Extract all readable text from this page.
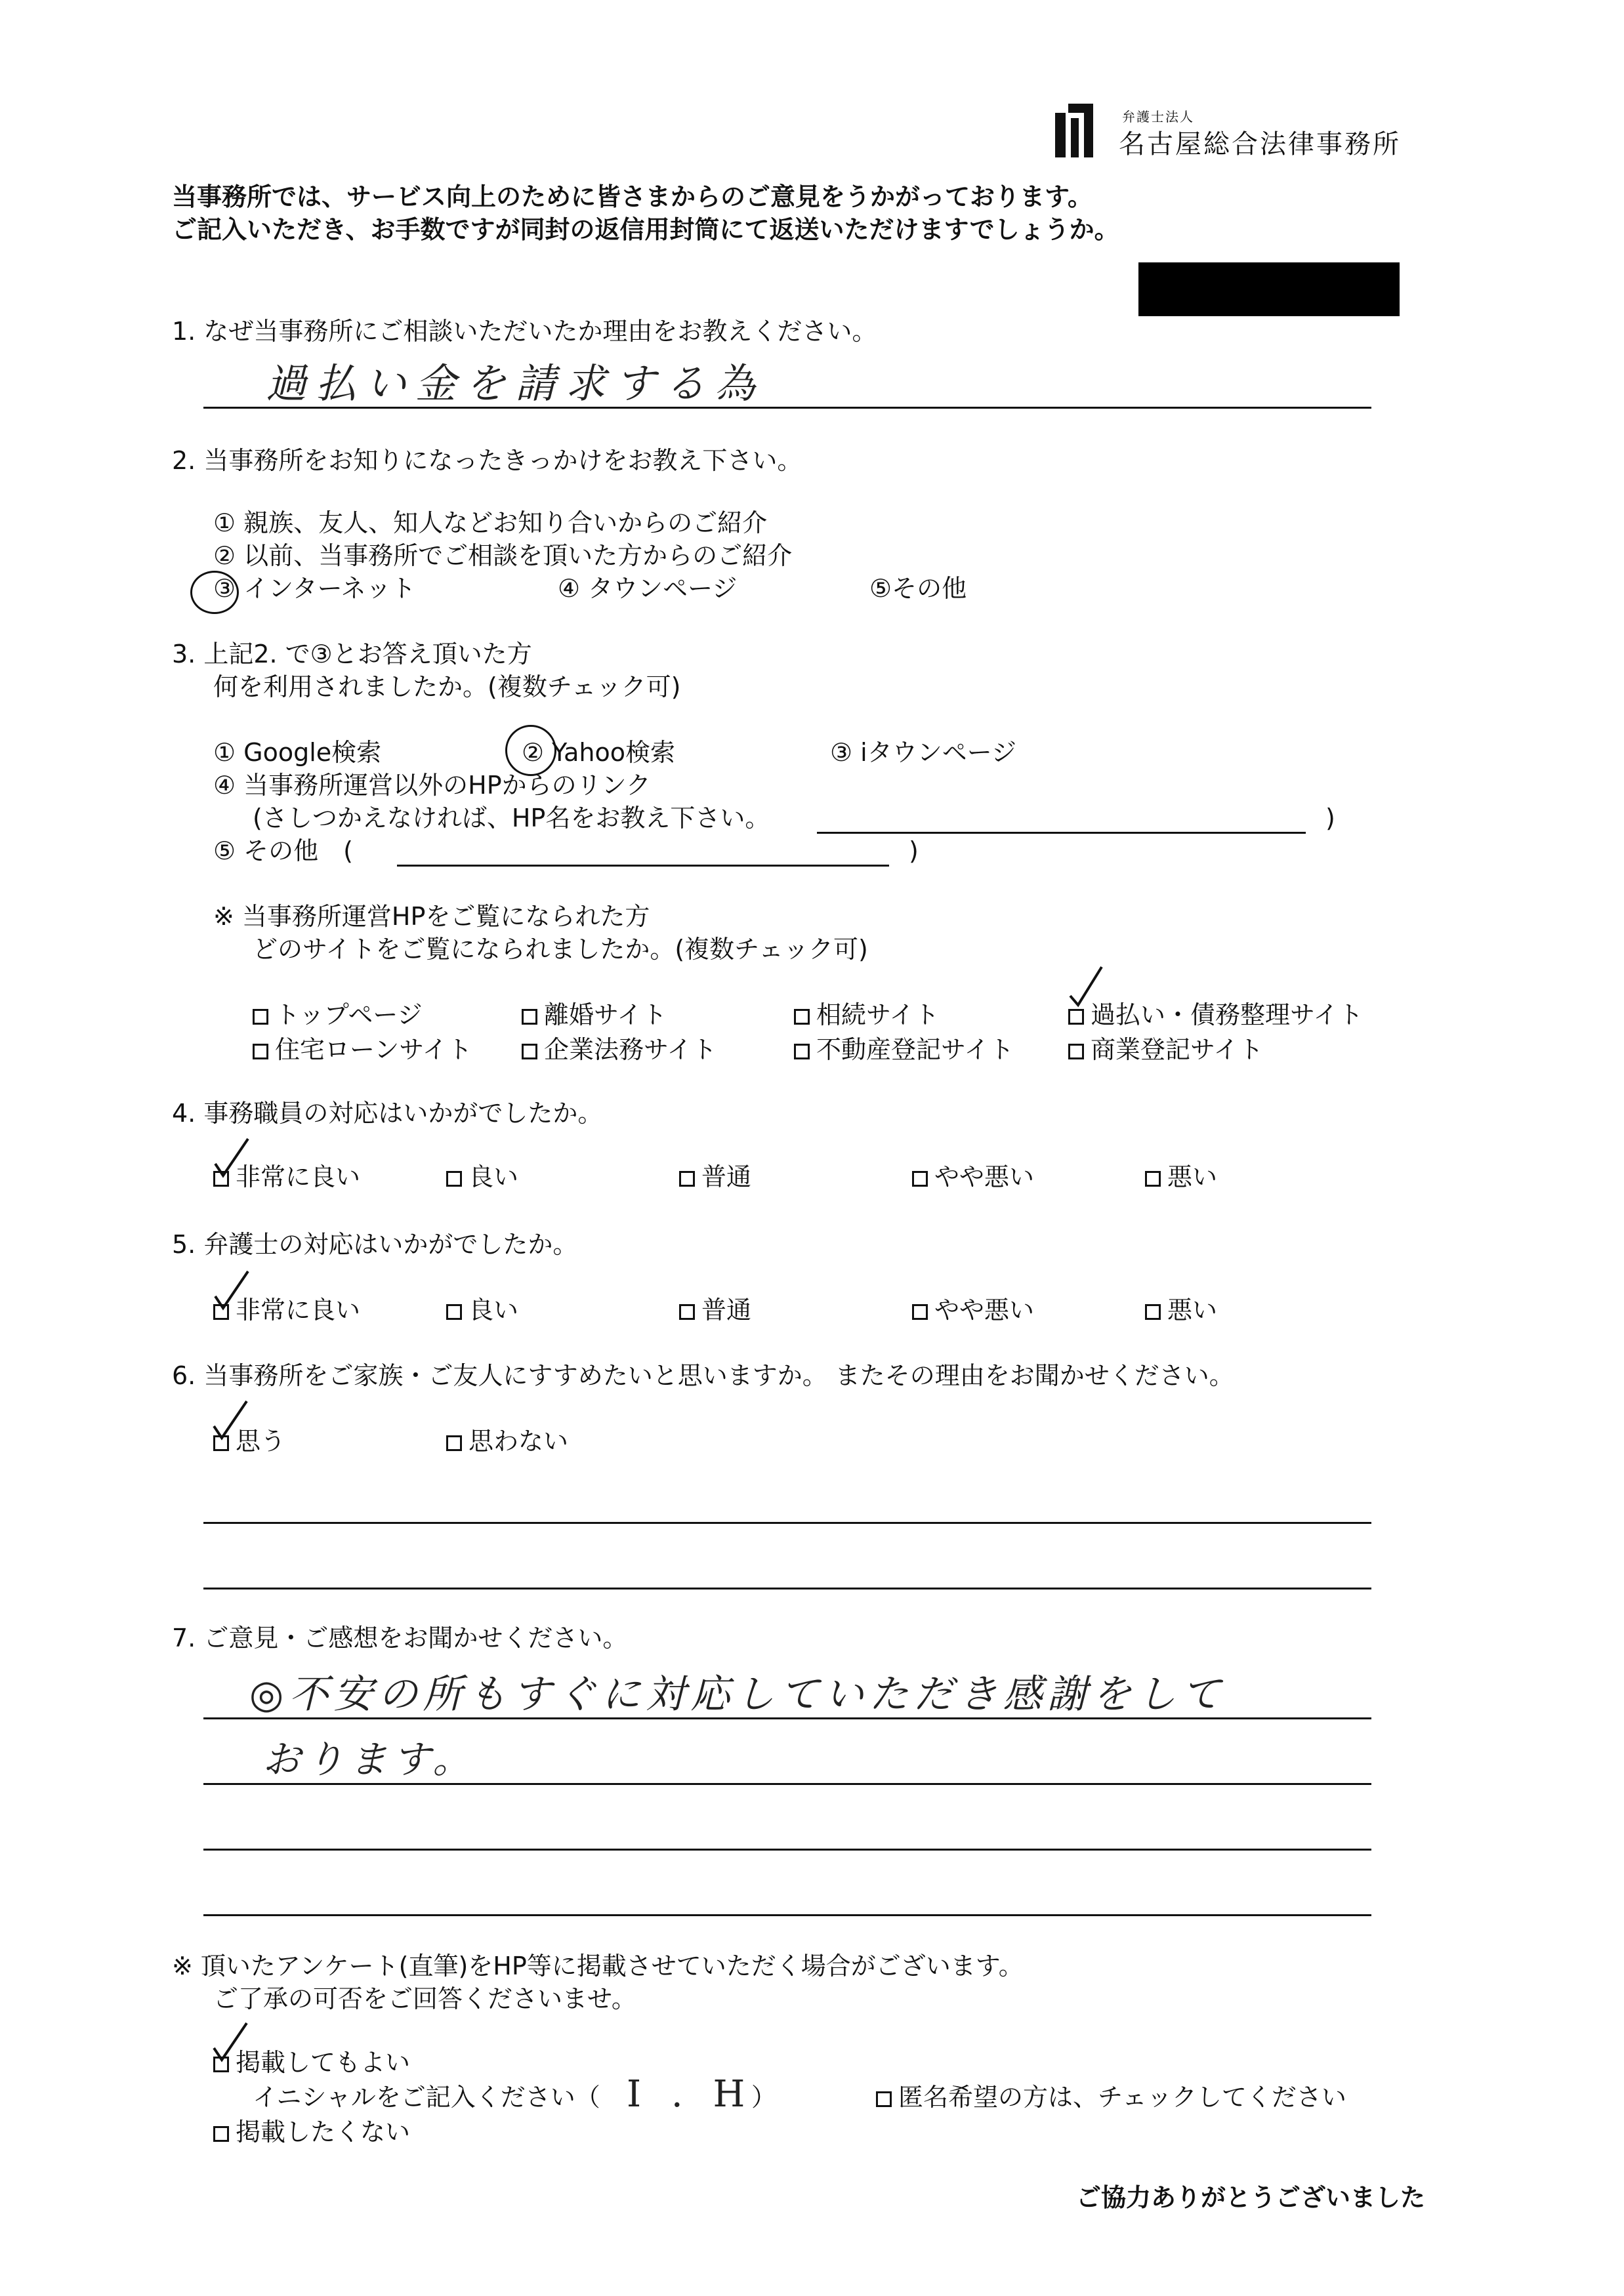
弁護士法人
名古屋総合法律事務所
当事務所では、サービス向上のために皆さまからのご意見をうかがっております。
ご記入いただき、お手数ですが同封の返信用封筒にて返送いただけますでしょうか。
1. なぜ当事務所にご相談いただいたか理由をお教えください。
過払い金を請求する為
2. 当事務所をお知りになったきっかけをお教え下さい。
① 親族、友人、知人などお知り合いからのご紹介
② 以前、当事務所でご相談を頂いた方からのご紹介
③ インターネット	④ タウンページ	⑤その他
3. 上記2. で③とお答え頂いた方
何を利用されましたか。(複数チェック可)
① Google検索	② Yahoo検索	③ iタウンページ
④ 当事務所運営以外のHPからのリンク
(さしつかえなければ、HP名をお教え下さい。	)
⑤ その他　(	)
※ 当事務所運営HPをご覧になられた方
どのサイトをご覧になられましたか。(複数チェック可)
トップページ	離婚サイト	相続サイト	過払い・債務整理サイト
住宅ローンサイト	企業法務サイト	不動産登記サイト	商業登記サイト
4. 事務職員の対応はいかがでしたか。
非常に良い	良い	普通	やや悪い	悪い
5. 弁護士の対応はいかがでしたか。
非常に良い	良い	普通	やや悪い	悪い
6. 当事務所をご家族・ご友人にすすめたいと思いますか。 またその理由をお聞かせください。
思う	思わない
7. ご意見・ご感想をお聞かせください。
◎不安の所もすぐに対応していただき感謝をして
おります。
※ 頂いたアンケート(直筆)をHP等に掲載させていただく場合がございます。
ご了承の可否をご回答くださいませ。
掲載してもよい
イニシャルをご記入ください（ I . H
）	匿名希望の方は、チェックしてください
掲載したくない
ご協力ありがとうございました
